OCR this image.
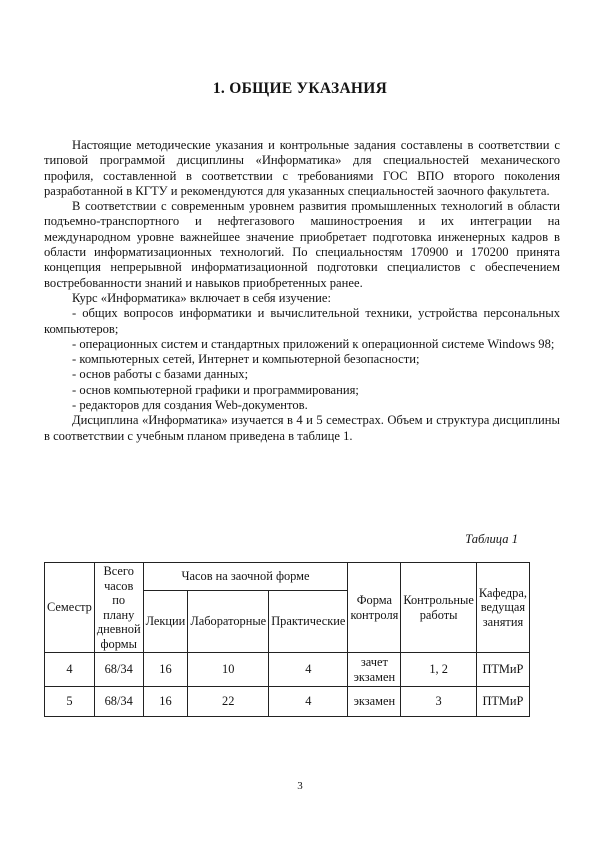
1. ОБЩИЕ УКАЗАНИЯ

Настоящие методические указания и контрольные задания составлены в соответствии с типовой программой дисциплины «Информатика» для специальностей механического профиля, составленной в соответствии с требованиями ГОС ВПО второго поколения разработанной в КГТУ и рекомендуются для указанных специальностей заочного факультета.

В соответствии с современным уровнем развития промышленных технологий в области подъемно-транспортного и нефтегазового машиностроения и их интеграции на международном уровне важнейшее значение приобретает подготовка инженерных кадров в области информатизационных технологий. По специальностям 170900 и 170200 принята концепция непрерывной информатизационной подготовки специалистов с обеспечением востребованности знаний и навыков приобретенных ранее.

Курс «Информатика» включает в себя изучение:

- общих вопросов информатики и вычислительной техники, устройства персональных компьютеров;

- операционных систем и стандартных приложений к операционной системе Windows 98;

- компьютерных сетей, Интернет и компьютерной безопасности;

- основ работы с базами данных;

- основ компьютерной графики и программирования;

- редакторов для создания Web-документов.

Дисциплина «Информатика» изучается в 4 и 5 семестрах. Объем и структура дисциплины в соответствии с учебным планом приведена в таблице 1.

Таблица 1
Семестр	Всего часов по плану дневной формы	Часов на заочной форме			Форма контроля	Контрольные работы	Кафедра, ведущая занятия
		Лекции	Лабораторные	Практические			
4	68/34	16	10	4	зачет экзамен	1, 2	ПТМиР
5	68/34	16	22	4	экзамен	3	ПТМиР
3
